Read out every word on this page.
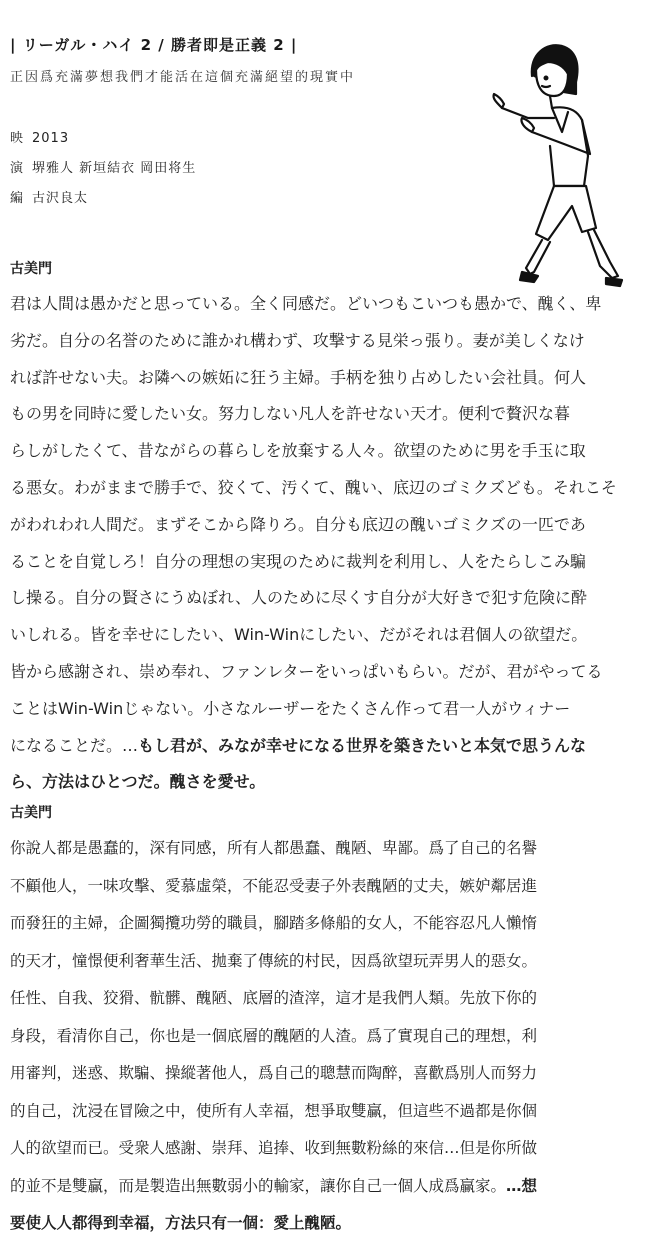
| リーガル・ハイ 2 / 勝者即是正義 2 |
正因爲充滿夢想我們才能活在這個充滿絕望的現實中
映 2013
演 堺雅人 新垣結衣 岡田将生
編 古沢良太
古美門
君は人間は愚かだと思っている。全く同感だ。どいつもこいつも愚かで、醜く、卑
劣だ。自分の名誉のために誰かれ構わず、攻撃する見栄っ張り。妻が美しくなけ
れば許せない夫。お隣への嫉妬に狂う主婦。手柄を独り占めしたい会社員。何人
もの男を同時に愛したい女。努力しない凡人を許せない天才。便利で贅沢な暮
らしがしたくて、昔ながらの暮らしを放棄する人々。欲望のために男を手玉に取
る悪女。わがままで勝手で、狡くて、汚くて、醜い、底辺のゴミクズども。それこそ
がわれわれ人間だ。まずそこから降りろ。自分も底辺の醜いゴミクズの一匹であ
ることを自覚しろ！自分の理想の実現のために裁判を利用し、人をたらしこみ騙
し操る。自分の賢さにうぬぼれ、人のために尽くす自分が大好きで犯す危険に酔
いしれる。皆を幸せにしたい、Win-Winにしたい、だがそれは君個人の欲望だ。
皆から感謝され、崇め奉れ、ファンレターをいっぱいもらい。だが、君がやってる
ことはWin-Winじゃない。小さなルーザーをたくさん作って君一人がウィナー
になることだ。…もし君が、みなが幸せになる世界を築きたいと本気で思うんな
ら、方法はひとつだ。醜さを愛せ。
古美門
你說人都是愚蠢的，深有同感，所有人都愚蠢、醜陋、卑鄙。爲了自己的名譽
不顧他人，一味攻擊、愛慕虛榮，不能忍受妻子外表醜陋的丈夫，嫉妒鄰居進
而發狂的主婦，企圖獨攬功勞的職員，腳踏多條船的女人，不能容忍凡人懶惰
的天才，憧憬便利奢華生活、拋棄了傳統的村民，因爲欲望玩弄男人的惡女。
任性、自我、狡猾、骯髒、醜陋、底層的渣滓，這才是我們人類。先放下你的
身段，看清你自己，你也是一個底層的醜陋的人渣。爲了實現自己的理想，利
用審判，迷惑、欺騙、操縱著他人，爲自己的聰慧而陶醉，喜歡爲別人而努力
的自己，沈浸在冒險之中，使所有人幸福，想爭取雙贏，但這些不過都是你個
人的欲望而已。受衆人感謝、崇拜、追捧、收到無數粉絲的來信…但是你所做
的並不是雙贏，而是製造出無數弱小的輸家，讓你自己一個人成爲贏家。…想
要使人人都得到幸福，方法只有一個：愛上醜陋。
